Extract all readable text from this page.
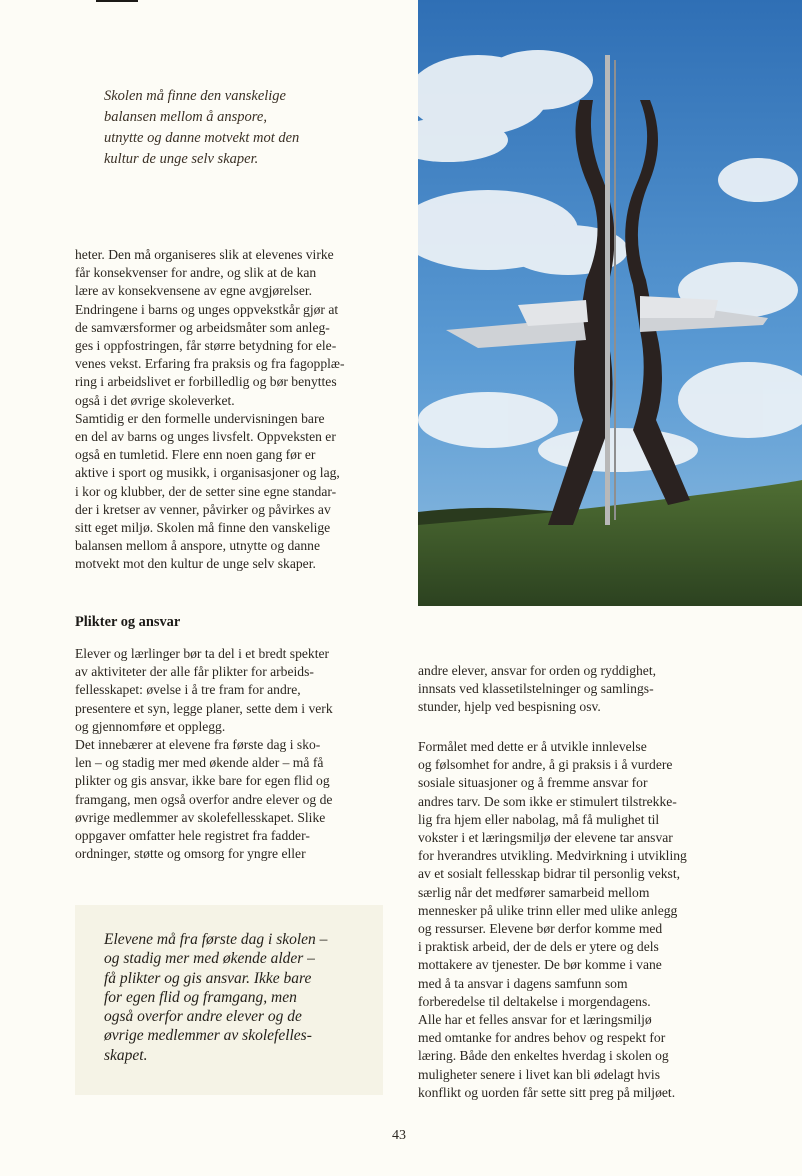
Skolen må finne den vanskelige
balansen mellom å anspore,
utnytte og danne motvekt mot den
kultur de unge selv skaper.
heter. Den må organiseres slik at elevenes virke
får konsekvenser for andre, og slik at de kan
lære av konsekvensene av egne avgjørelser.
Endringene i barns og unges oppvekstkår gjør at
de samværsformer og arbeidsmåter som anleg-
ges i oppfostringen, får større betydning for ele-
venes vekst. Erfaring fra praksis og fra fagopplæ-
ring i arbeidslivet er forbilledlig og bør benyttes
også i det øvrige skoleverket.
Samtidig er den formelle undervisningen bare
en del av barns og unges livsfelt. Oppveksten er
også en tumletid. Flere enn noen gang før er
aktive i sport og musikk, i organisasjoner og lag,
i kor og klubber, der de setter sine egne standar-
der i kretser av venner, påvirker og påvirkes av
sitt eget miljø. Skolen må finne den vanskelige
balansen mellom å anspore, utnytte og danne
motvekt mot den kultur de unge selv skaper.
Plikter og ansvar
Elever og lærlinger bør ta del i et bredt spekter
av aktiviteter der alle får plikter for arbeids-
fellesskapet: øvelse i å tre fram for andre,
presentere et syn, legge planer, sette dem i verk
og gjennomføre et opplegg.
Det innebærer at elevene fra første dag i sko-
len – og stadig mer med økende alder – må få
plikter og gis ansvar, ikke bare for egen flid og
framgang, men også overfor andre elever og de
øvrige medlemmer av skolefellesskapet. Slike
oppgaver omfatter hele registret fra fadder-
ordninger, støtte og omsorg for yngre eller
Elevene må fra første dag i skolen –
og stadig mer med økende alder –
få plikter og gis ansvar. Ikke bare
for egen flid og framgang, men
også overfor andre elever og de
øvrige medlemmer av skolefelles-
skapet.
andre elever, ansvar for orden og ryddighet,
innsats ved klassetilstelninger og samlings-
stunder, hjelp ved bespisning osv.
Formålet med dette er å utvikle innlevelse
og følsomhet for andre, å gi praksis i å vurdere
sosiale situasjoner og å fremme ansvar for
andres tarv. De som ikke er stimulert tilstrekke-
lig fra hjem eller nabolag, må få mulighet til
vokster i et læringsmiljø der elevene tar ansvar
for hverandres utvikling. Medvirkning i utvikling
av et sosialt fellesskap bidrar til personlig vekst,
særlig når det medfører samarbeid mellom
mennesker på ulike trinn eller med ulike anlegg
og ressurser. Elevene bør derfor komme med
i praktisk arbeid, der de dels er ytere og dels
mottakere av tjenester. De bør komme i vane
med å ta ansvar i dagens samfunn som
forberedelse til deltakelse i morgendagens.
Alle har et felles ansvar for et læringsmiljø
med omtanke for andres behov og respekt for
læring. Både den enkeltes hverdag i skolen og
muligheter senere i livet kan bli ødelagt hvis
konflikt og uorden får sette sitt preg på miljøet.
43
